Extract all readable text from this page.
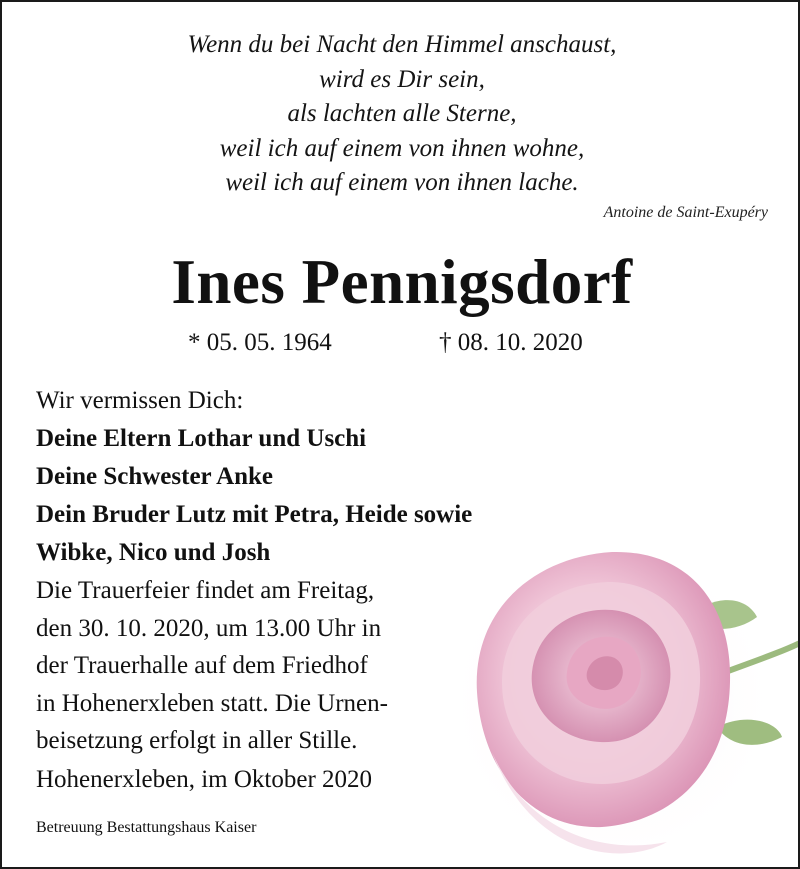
Wenn du bei Nacht den Himmel anschaust,
wird es Dir sein,
als lachten alle Sterne,
weil ich auf einem von ihnen wohne,
weil ich auf einem von ihnen lache.
Antoine de Saint-Exupéry
Ines Pennigsdorf
* 05. 05. 1964	† 08. 10. 2020
Wir vermissen Dich:
Deine Eltern Lothar und Uschi
Deine Schwester Anke
Dein Bruder Lutz mit Petra, Heide sowie
Wibke, Nico und Josh
Die Trauerfeier findet am Freitag,
den 30. 10. 2020, um 13.00 Uhr in
der Trauerhalle auf dem Friedhof
in Hohenerxleben statt. Die Urnen-
beisetzung erfolgt in aller Stille.
Hohenerxleben, im Oktober 2020
Betreuung Bestattungshaus Kaiser
